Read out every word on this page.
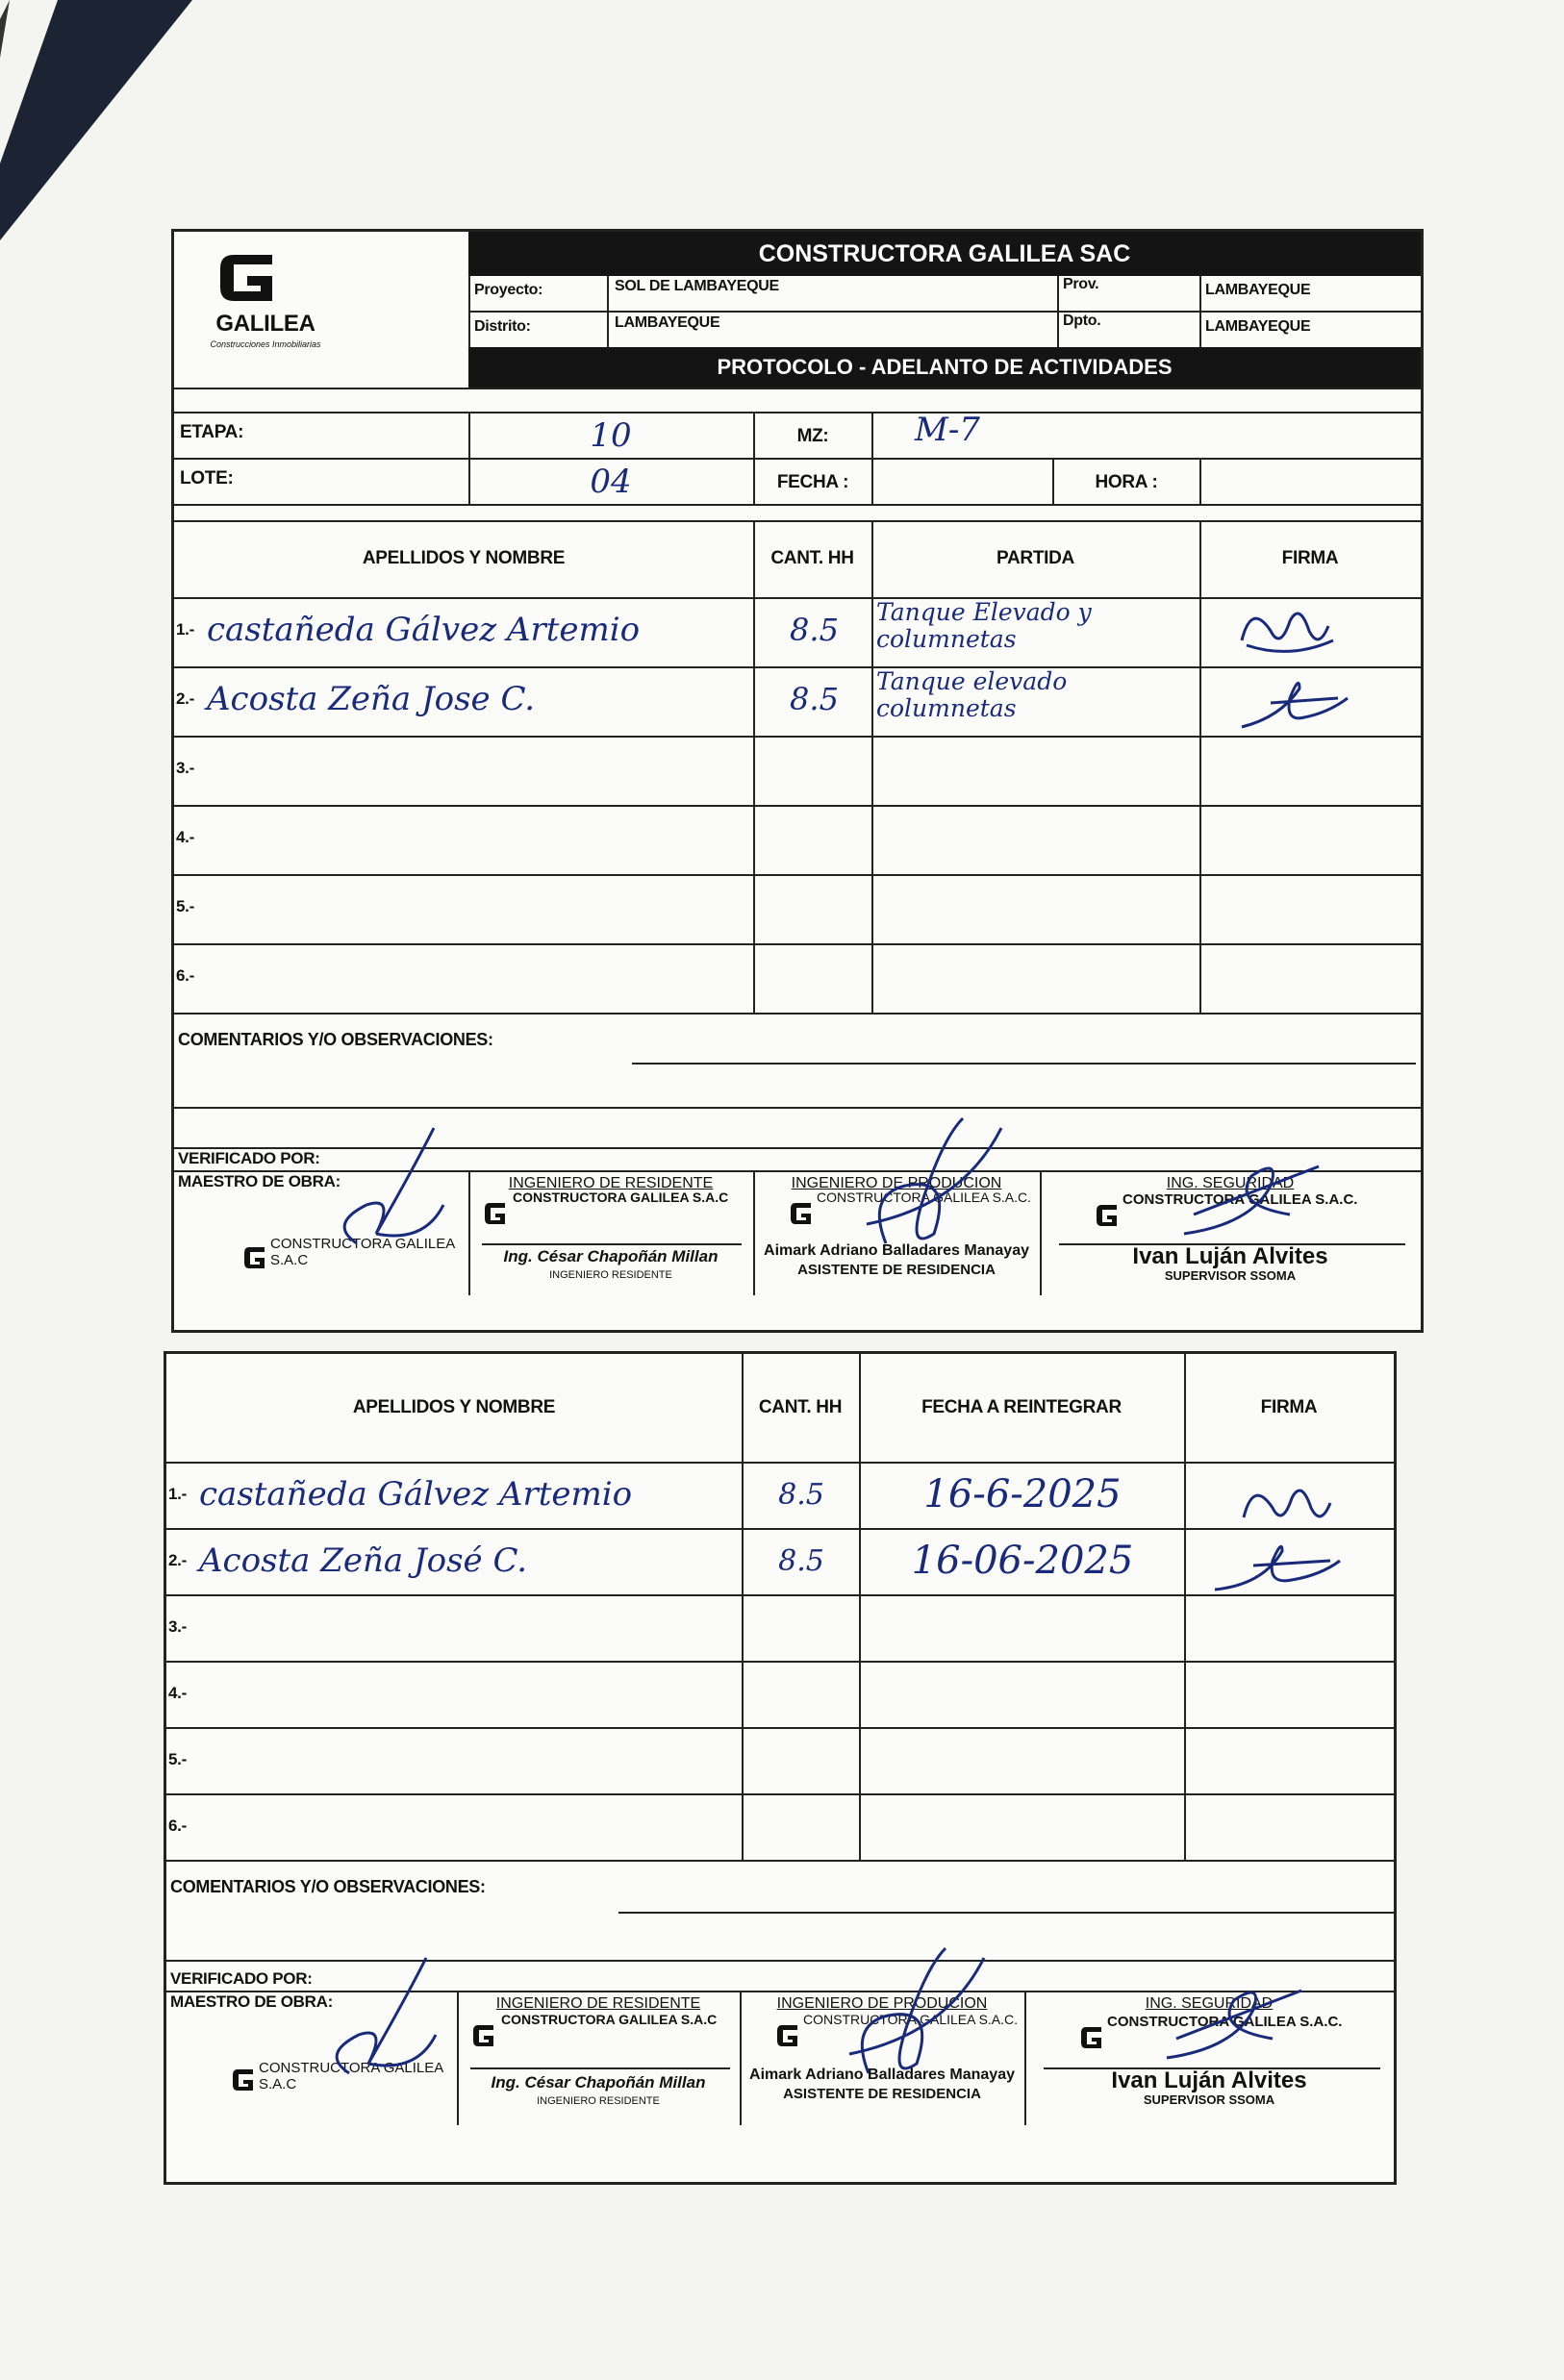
GALILEA
Construcciones Inmobiliarias
CONSTRUCTORA GALILEA SAC
Proyecto:	SOL DE LAMBAYEQUE	Prov.	LAMBAYEQUE
Distrito:	LAMBAYEQUE	Dpto.	LAMBAYEQUE
PROTOCOLO - ADELANTO DE ACTIVIDADES
ETAPA:	10	MZ:	M-7
LOTE:	04	FECHA :	HORA :
APELLIDOS Y NOMBRE	CANT. HH	PARTIDA	FIRMA
1.- castañeda Gálvez Artemio	8.5	Tanque Elevado y columnetas
2.- Acosta Zeña Jose C.	8.5	Tanque elevado columnetas
3.-
4.-
5.-
6.-
COMENTARIOS Y/O OBSERVACIONES:
VERIFICADO POR:
MAESTRO DE OBRA:	INGENIERO DE RESIDENTE	INGENIERO DE PRODUCION	ING. SEGURIDAD
CONSTRUCTORA GALILEA S.A.C
CONSTRUCTORA GALILEA S.A.C
Ing. César Chapoñán Millan
INGENIERO RESIDENTE
CONSTRUCTORA GALILEA S.A.C.
Aimark Adriano Balladares Manayay
ASISTENTE DE RESIDENCIA
CONSTRUCTORA GALILEA S.A.C.
Ivan Luján Alvites
SUPERVISOR SSOMA
APELLIDOS Y NOMBRE	CANT. HH	FECHA A REINTEGRAR	FIRMA
1.- castañeda Gálvez Artemio	8.5	16-6-2025
2.- Acosta Zeña José C.	8.5	16-06-2025
3.-
4.-
5.-
6.-
COMENTARIOS Y/O OBSERVACIONES:
VERIFICADO POR:
MAESTRO DE OBRA:	INGENIERO DE RESIDENTE	INGENIERO DE PRODUCION	ING. SEGURIDAD
CONSTRUCTORA GALILEA S.A.C
CONSTRUCTORA GALILEA S.A.C
Ing. César Chapoñán Millan
INGENIERO RESIDENTE
CONSTRUCTORA GALILEA S.A.C.
Aimark Adriano Balladares Manayay
ASISTENTE DE RESIDENCIA
CONSTRUCTORA GALILEA S.A.C.
Ivan Luján Alvites
SUPERVISOR SSOMA
